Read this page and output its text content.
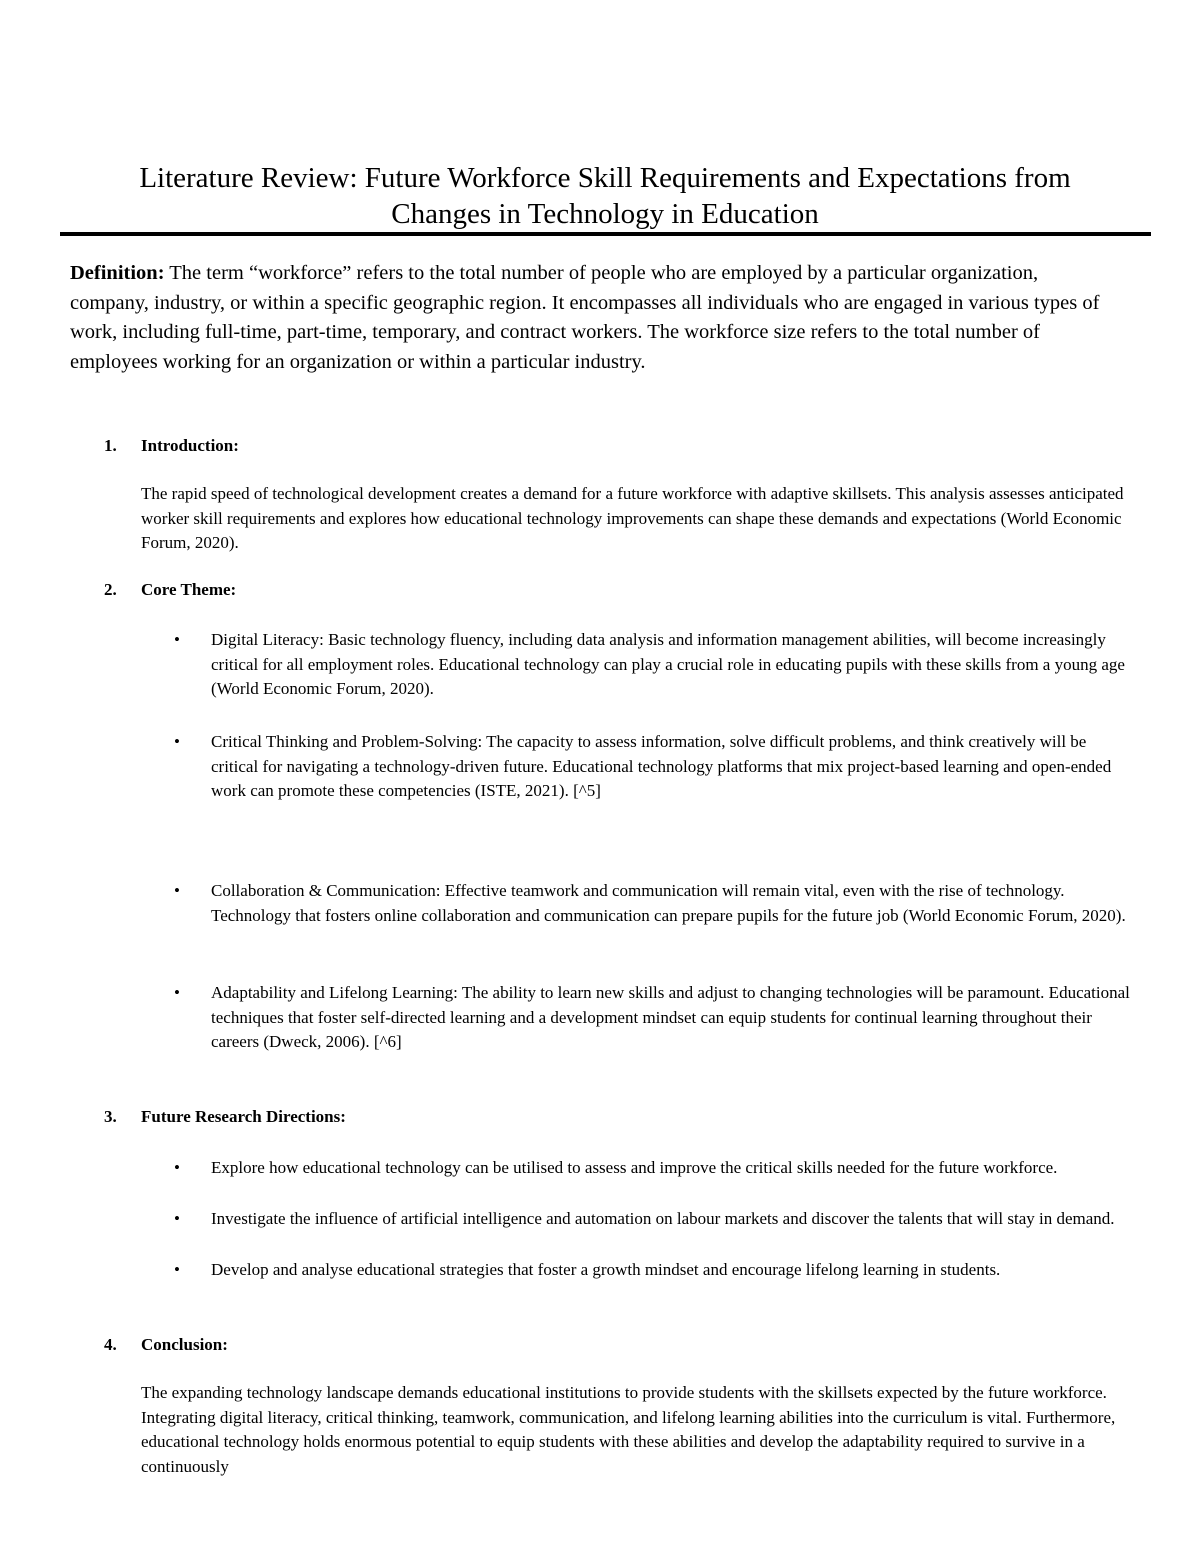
Literature Review: Future Workforce Skill Requirements and Expectations from
Changes in Technology in Education

Definition: The term “workforce” refers to the total number of people who are employed by a particular organization, company, industry, or within a specific geographic region. It encompasses all individuals who are engaged in various types of work, including full-time, part-time, temporary, and contract workers. The workforce size refers to the total number of employees working for an organization or within a particular industry.

1. Introduction:

The rapid speed of technological development creates a demand for a future workforce with adaptive skillsets. This analysis assesses anticipated worker skill requirements and explores how educational technology improvements can shape these demands and expectations (World Economic Forum, 2020).

2. Core Theme:
• Digital Literacy: Basic technology fluency, including data analysis and information management abilities, will become increasingly critical for all employment roles. Educational technology can play a crucial role in educating pupils with these skills from a young age (World Economic Forum, 2020).

• Critical Thinking and Problem-Solving: The capacity to assess information, solve difficult problems, and think creatively will be critical for navigating a technology-driven future. Educational technology platforms that mix project-based learning and open-ended work can promote these competencies (ISTE, 2021). [^5]

• Collaboration & Communication: Effective teamwork and communication will remain vital, even with the rise of technology. Technology that fosters online collaboration and communication can prepare pupils for the future job (World Economic Forum, 2020).

• Adaptability and Lifelong Learning: The ability to learn new skills and adjust to changing technologies will be paramount. Educational techniques that foster self-directed learning and a development mindset can equip students for continual learning throughout their careers (Dweck, 2006). [^6]

3. Future Research Directions:
• Explore how educational technology can be utilised to assess and improve the critical skills needed for the future workforce.

• Investigate the influence of artificial intelligence and automation on labour markets and discover the talents that will stay in demand.

• Develop and analyse educational strategies that foster a growth mindset and encourage lifelong learning in students.

4. Conclusion:

The expanding technology landscape demands educational institutions to provide students with the skillsets expected by the future workforce. Integrating digital literacy, critical thinking, teamwork, communication, and lifelong learning abilities into the curriculum is vital. Furthermore, educational technology holds enormous potential to equip students with these abilities and develop the adaptability required to survive in a continuously
